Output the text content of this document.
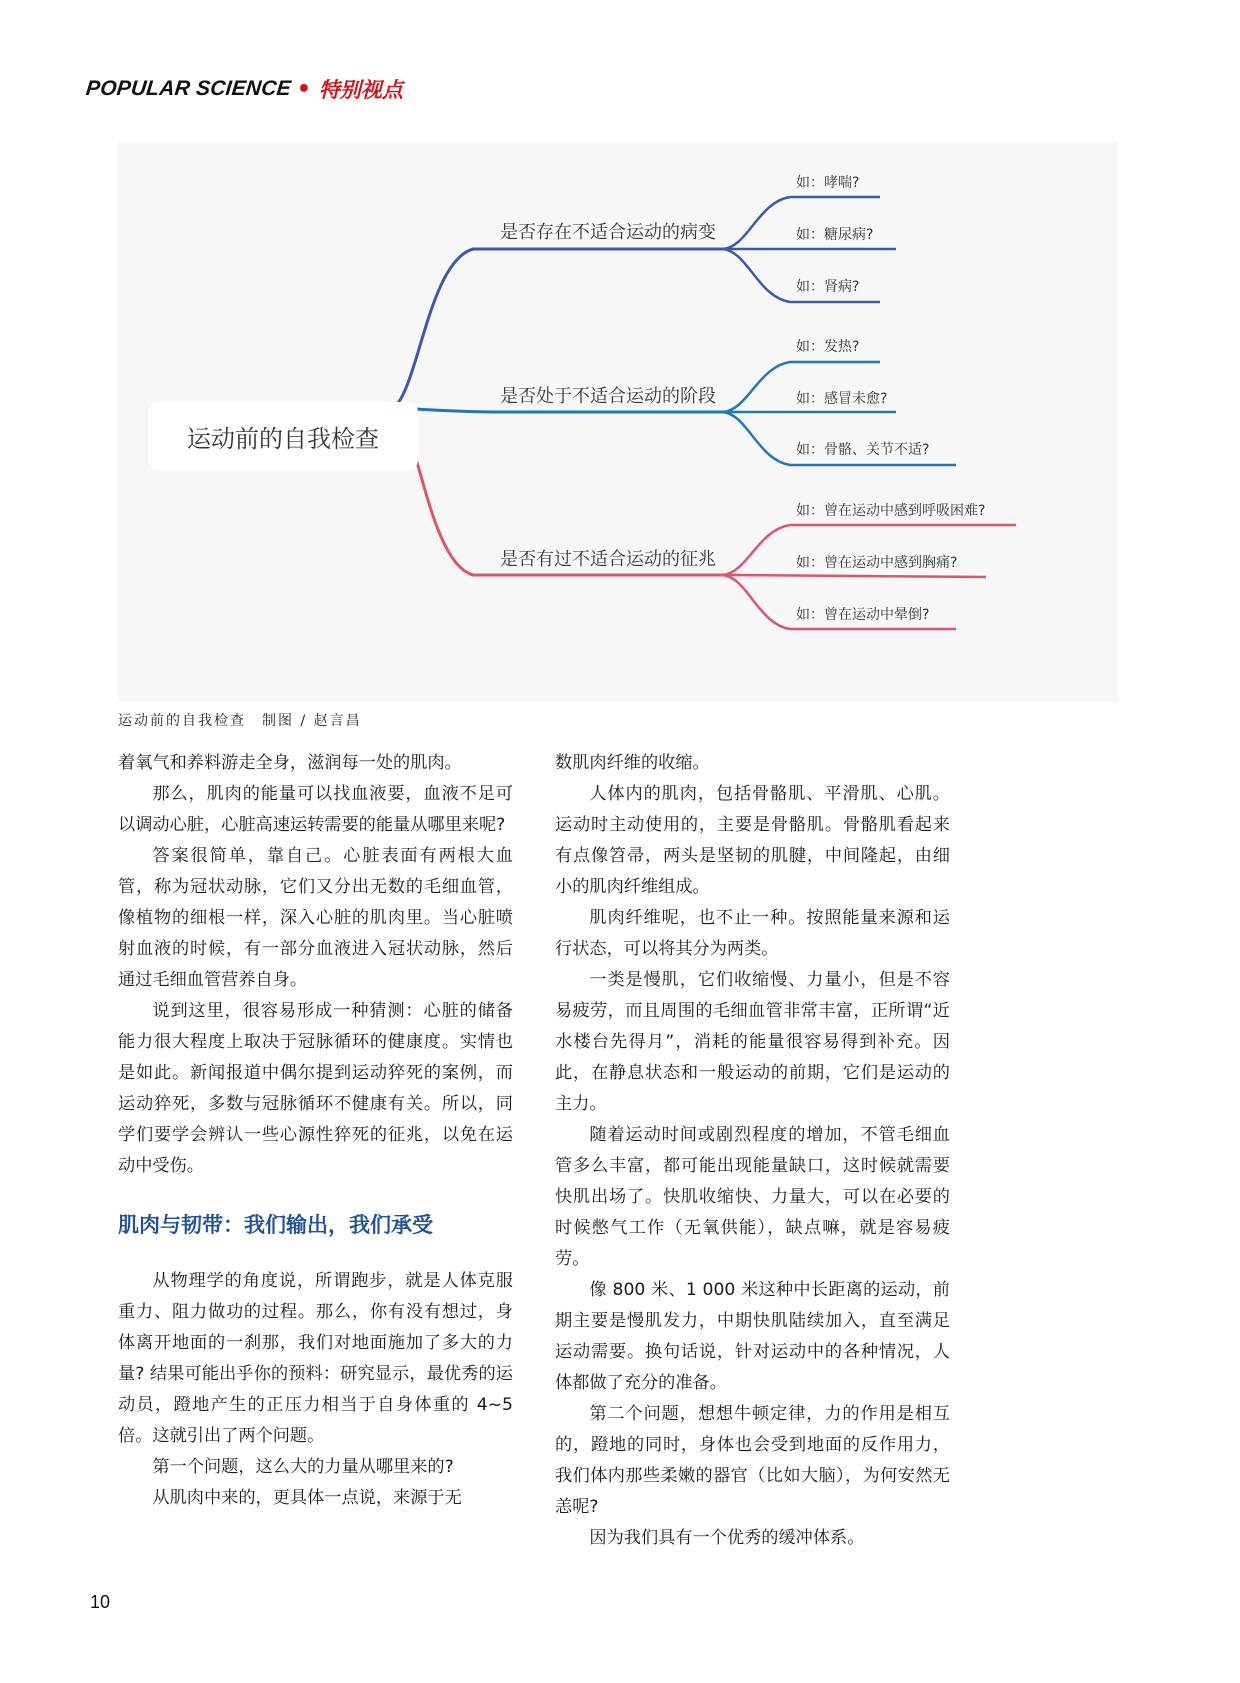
POPULAR SCIENCE • 特别视点
运动前的自我检查
是否存在不适合运动的病变
是否处于不适合运动的阶段
是否有过不适合运动的征兆
如：哮喘?
如：糖尿病?
如：肾病?
如：发热?
如：感冒未愈?
如：骨骼、关节不适?
如：曾在运动中感到呼吸困难?
如：曾在运动中感到胸痛?
如：曾在运动中晕倒?
运动前的自我检查　制图 / 赵言昌

着氧气和养料游走全身，滋润每一处的肌肉。

那么，肌肉的能量可以找血液要，血液不足可以调动心脏，心脏高速运转需要的能量从哪里来呢?

答案很简单，靠自己。心脏表面有两根大血管，称为冠状动脉，它们又分出无数的毛细血管，像植物的细根一样，深入心脏的肌肉里。当心脏喷射血液的时候，有一部分血液进入冠状动脉，然后通过毛细血管营养自身。

说到这里，很容易形成一种猜测：心脏的储备能力很大程度上取决于冠脉循环的健康度。实情也是如此。新闻报道中偶尔提到运动猝死的案例，而运动猝死，多数与冠脉循环不健康有关。所以，同学们要学会辨认一些心源性猝死的征兆，以免在运动中受伤。

肌肉与韧带：我们输出，我们承受

从物理学的角度说，所谓跑步，就是人体克服重力、阻力做功的过程。那么，你有没有想过，身体离开地面的一刹那，我们对地面施加了多大的力量? 结果可能出乎你的预料：研究显示，最优秀的运动员，蹬地产生的正压力相当于自身体重的 4~5 倍。这就引出了两个问题。

第一个问题，这么大的力量从哪里来的?

从肌肉中来的，更具体一点说，来源于无

数肌肉纤维的收缩。

人体内的肌肉，包括骨骼肌、平滑肌、心肌。运动时主动使用的，主要是骨骼肌。骨骼肌看起来有点像笤帚，两头是坚韧的肌腱，中间隆起，由细小的肌肉纤维组成。

肌肉纤维呢，也不止一种。按照能量来源和运行状态，可以将其分为两类。

一类是慢肌，它们收缩慢、力量小，但是不容易疲劳，而且周围的毛细血管非常丰富，正所谓“近水楼台先得月”，消耗的能量很容易得到补充。因此，在静息状态和一般运动的前期，它们是运动的主力。

随着运动时间或剧烈程度的增加，不管毛细血管多么丰富，都可能出现能量缺口，这时候就需要快肌出场了。快肌收缩快、力量大，可以在必要的时候憋气工作（无氧供能），缺点嘛，就是容易疲劳。

像 800 米、1 000 米这种中长距离的运动，前期主要是慢肌发力，中期快肌陆续加入，直至满足运动需要。换句话说，针对运动中的各种情况，人体都做了充分的准备。

第二个问题，想想牛顿定律，力的作用是相互的，蹬地的同时，身体也会受到地面的反作用力，我们体内那些柔嫩的器官（比如大脑），为何安然无恙呢?

因为我们具有一个优秀的缓冲体系。

10
